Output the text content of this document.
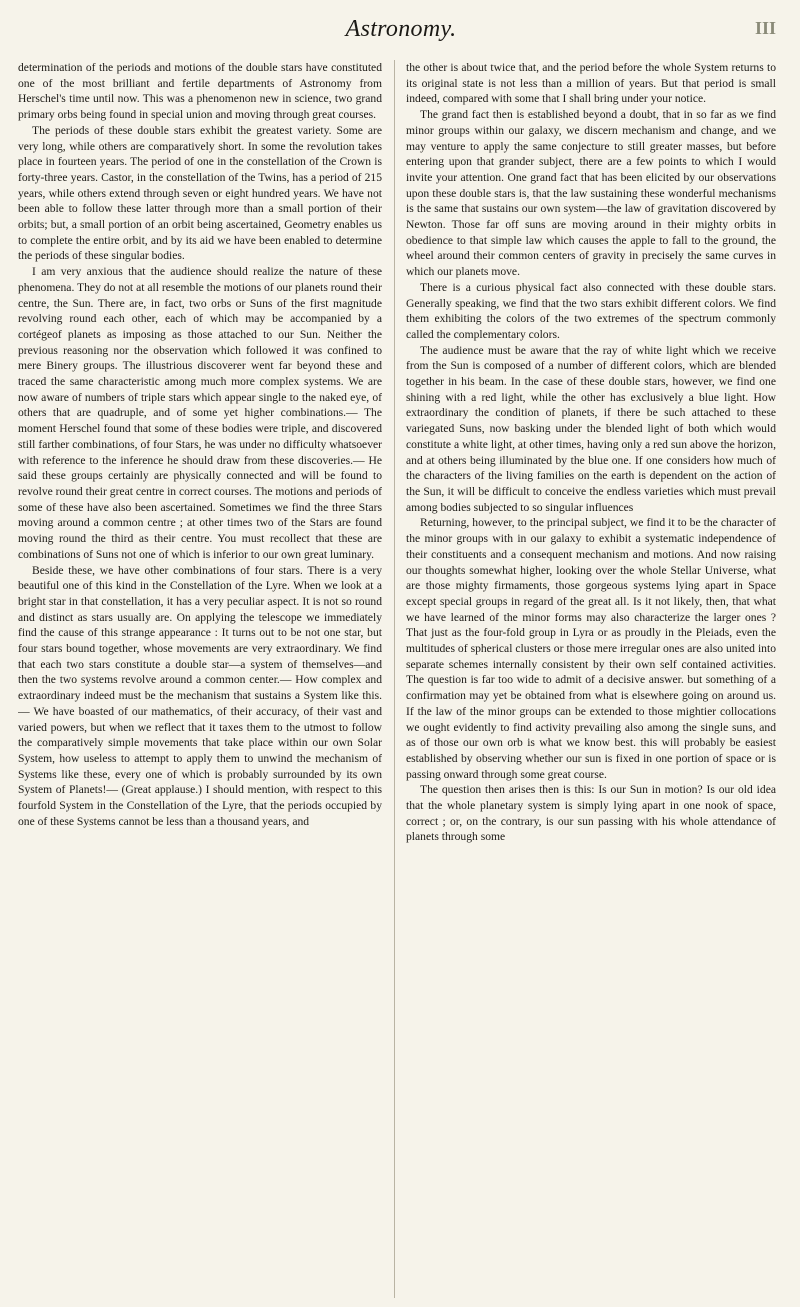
Astronomy.	III

determination of the periods and motions of the double stars have constituted one of the most brilliant and fertile departments of Astronomy from Herschel's time until now. This was a phenomenon new in science, two grand primary orbs being found in special union and moving through great courses.

The periods of these double stars exhibit the greatest variety. Some are very long, while others are comparatively short. In some the revolution takes place in fourteen years. The period of one in the constellation of the Crown is forty-three years. Castor, in the constellation of the Twins, has a period of 215 years, while others extend through seven or eight hundred years. We have not been able to follow these latter through more than a small portion of their orbits; but, a small portion of an orbit being ascertained, Geometry enables us to complete the entire orbit, and by its aid we have been enabled to determine the periods of these singular bodies.

I am very anxious that the audience should realize the nature of these phenomena. They do not at all resemble the motions of our planets round their centre, the Sun. There are, in fact, two orbs or Suns of the first magnitude revolving round each other, each of which may be accompanied by a cortégeof planets as imposing as those attached to our Sun. Neither the previous reasoning nor the observation which followed it was confined to mere Binery groups. The illustrious discoverer went far beyond these and traced the same characteristic among much more complex systems. We are now aware of numbers of triple stars which appear single to the naked eye, of others that are quadruple, and of some yet higher combinations.— The moment Herschel found that some of these bodies were triple, and discovered still farther combinations, of four Stars, he was under no difficulty whatsoever with reference to the inference he should draw from these discoveries.— He said these groups certainly are physically connected and will be found to revolve round their great centre in correct courses. The motions and periods of some of these have also been ascertained. Sometimes we find the three Stars moving around a common centre ; at other times two of the Stars are found moving round the third as their centre. You must recollect that these are combinations of Suns not one of which is inferior to our own great luminary.

Beside these, we have other combinations of four stars. There is a very beautiful one of this kind in the Constellation of the Lyre. When we look at a bright star in that constellation, it has a very peculiar aspect. It is not so round and distinct as stars usually are. On applying the telescope we immediately find the cause of this strange appearance : It turns out to be not one star, but four stars bound together, whose movements are very extraordinary. We find that each two stars constitute a double star—a system of themselves—and then the two systems revolve around a common center.— How complex and extraordinary indeed must be the mechanism that sustains a System like this.— We have boasted of our mathematics, of their accuracy, of their vast and varied powers, but when we reflect that it taxes them to the utmost to follow the comparatively simple movements that take place within our own Solar System, how useless to attempt to apply them to unwind the mechanism of Systems like these, every one of which is probably surrounded by its own System of Planets!— (Great applause.) I should mention, with respect to this fourfold System in the Constellation of the Lyre, that the periods occupied by one of these Systems cannot be less than a thousand years, and

the other is about twice that, and the period before the whole System returns to its original state is not less than a million of years. But that period is small indeed, compared with some that I shall bring under your notice.

The grand fact then is established beyond a doubt, that in so far as we find minor groups within our galaxy, we discern mechanism and change, and we may venture to apply the same conjecture to still greater masses, but before entering upon that grander subject, there are a few points to which I would invite your attention. One grand fact that has been elicited by our observations upon these double stars is, that the law sustaining these wonderful mechanisms is the same that sustains our own system—the law of gravitation discovered by Newton. Those far off suns are moving around in their mighty orbits in obedience to that simple law which causes the apple to fall to the ground, the wheel around their common centers of gravity in precisely the same curves in which our planets move.

There is a curious physical fact also connected with these double stars. Generally speaking, we find that the two stars exhibit different colors. We find them exhibiting the colors of the two extremes of the spectrum commonly called the complementary colors.

The audience must be aware that the ray of white light which we receive from the Sun is composed of a number of different colors, which are blended together in his beam. In the case of these double stars, however, we find one shining with a red light, while the other has exclusively a blue light. How extraordinary the condition of planets, if there be such attached to these variegated Suns, now basking under the blended light of both which would constitute a white light, at other times, having only a red sun above the horizon, and at others being illuminated by the blue one. If one considers how much of the characters of the living families on the earth is dependent on the action of the Sun, it will be difficult to conceive the endless varieties which must prevail among bodies subjected to so singular influences

Returning, however, to the principal subject, we find it to be the character of the minor groups with in our galaxy to exhibit a systematic independence of their constituents and a consequent mechanism and motions. And now raising our thoughts somewhat higher, looking over the whole Stellar Universe, what are those mighty firmaments, those gorgeous systems lying apart in Space except special groups in regard of the great all. Is it not likely, then, that what we have learned of the minor forms may also characterize the larger ones ? That just as the four-fold group in Lyra or as proudly in the Pleiads, even the multitudes of spherical clusters or those mere irregular ones are also united into separate schemes internally consistent by their own self contained activities. The question is far too wide to admit of a decisive answer. but something of a confirmation may yet be obtained from what is elsewhere going on around us. If the law of the minor groups can be extended to those mightier collocations we ought evidently to find activity prevailing also among the single suns, and as of those our own orb is what we know best. this will probably be easiest established by observing whether our sun is fixed in one portion of space or is passing onward through some great course.

The question then arises then is this: Is our Sun in motion? Is our old idea that the whole planetary system is simply lying apart in one nook of space, correct ; or, on the contrary, is our sun passing with his whole attendance of planets through some
